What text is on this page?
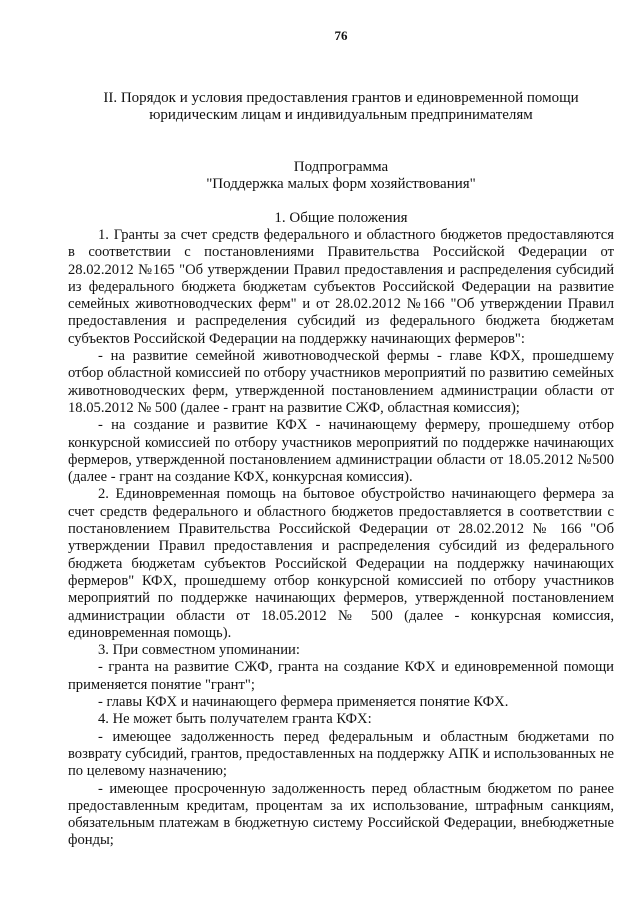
76
II. Порядок и условия предоставления грантов и единовременной помощи
юридическим лицам и индивидуальным предпринимателям
Подпрограмма
"Поддержка малых форм хозяйствования"
1. Общие положения

1. Гранты за счет средств федерального и областного бюджетов предоставляются в соответствии с постановлениями Правительства Российской Федерации от 28.02.2012 №165 "Об утверждении Правил предоставления и распределения субсидий из федерального бюджета бюджетам субъектов Российской Федерации на развитие семейных животноводческих ферм" и от 28.02.2012 №166 "Об утверждении Правил предоставления и распределения субсидий из федерального бюджета бюджетам субъектов Российской Федерации на поддержку начинающих фермеров":

- на развитие семейной животноводческой фермы - главе КФХ, прошедшему отбор областной комиссией по отбору участников мероприятий по развитию семейных животноводческих ферм, утвержденной постановлением администрации области от 18.05.2012 № 500 (далее - грант на развитие СЖФ, областная комиссия);

- на создание и развитие КФХ - начинающему фермеру, прошедшему отбор конкурсной комиссией по отбору участников мероприятий по поддержке начинающих фермеров, утвержденной постановлением администрации области от 18.05.2012 №500 (далее - грант на создание КФХ, конкурсная комиссия).

2. Единовременная помощь на бытовое обустройство начинающего фермера за счет средств федерального и областного бюджетов предоставляется в соответствии с постановлением Правительства Российской Федерации от 28.02.2012 № 166 "Об утверждении Правил предоставления и распределения субсидий из федерального бюджета бюджетам субъектов Российской Федерации на поддержку начинающих фермеров" КФХ, прошедшему отбор конкурсной комиссией по отбору участников мероприятий по поддержке начинающих фермеров, утвержденной постановлением администрации области от 18.05.2012 № 500 (далее - конкурсная комиссия, единовременная помощь).

3. При совместном упоминании:

- гранта на развитие СЖФ, гранта на создание КФХ и единовременной помощи применяется понятие "грант";

- главы КФХ и начинающего фермера применяется понятие КФХ.

4. Не может быть получателем гранта КФХ:

- имеющее задолженность перед федеральным и областным бюджетами по возврату субсидий, грантов, предоставленных на поддержку АПК и использованных не по целевому назначению;

- имеющее просроченную задолженность перед областным бюджетом по ранее предоставленным кредитам, процентам за их использование, штрафным санкциям, обязательным платежам в бюджетную систему Российской Федерации, внебюджетные фонды;
